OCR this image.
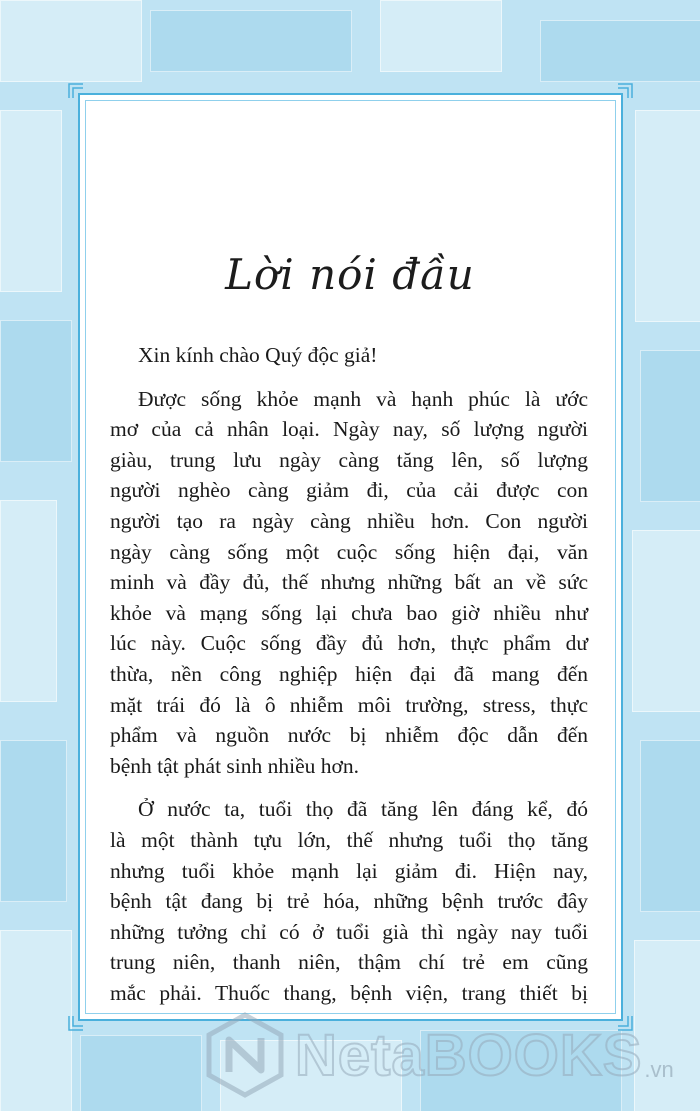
Lời nói đầu
Xin kính chào Quý độc giả!
Được sống khỏe mạnh và hạnh phúc là ước
mơ của cả nhân loại. Ngày nay, số lượng người
giàu, trung lưu ngày càng tăng lên, số lượng
người nghèo càng giảm đi, của cải được con
người tạo ra ngày càng nhiều hơn. Con người
ngày càng sống một cuộc sống hiện đại, văn
minh và đầy đủ, thế nhưng những bất an về sức
khỏe và mạng sống lại chưa bao giờ nhiều như
lúc này. Cuộc sống đầy đủ hơn, thực phẩm dư
thừa, nền công nghiệp hiện đại đã mang đến
mặt trái đó là ô nhiễm môi trường, stress, thực
phẩm và nguồn nước bị nhiễm độc dẫn đến
bệnh tật phát sinh nhiều hơn.
Ở nước ta, tuổi thọ đã tăng lên đáng kể, đó
là một thành tựu lớn, thế nhưng tuổi thọ tăng
nhưng tuổi khỏe mạnh lại giảm đi. Hiện nay,
bệnh tật đang bị trẻ hóa, những bệnh trước đây
những tưởng chỉ có ở tuổi già thì ngày nay tuổi
trung niên, thanh niên, thậm chí trẻ em cũng
mắc phải. Thuốc thang, bệnh viện, trang thiết bị
NetaBOOKS .vn
